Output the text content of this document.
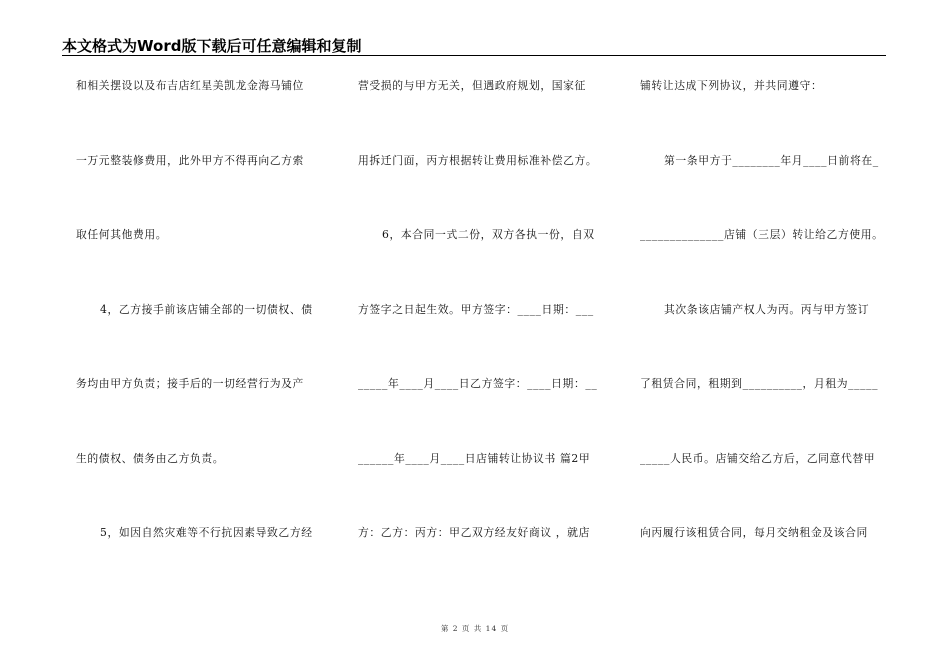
本文格式为Word版下载后可任意编辑和复制
和相关摆设以及布吉店红星美凯龙金海马铺位
一万元整装修费用，此外甲方不得再向乙方索
取任何其他费用。
4，乙方接手前该店铺全部的一切债权、债
务均由甲方负责；接手后的一切经营行为及产
生的债权、债务由乙方负责。
5，如因自然灾难等不行抗因素导致乙方经
营受损的与甲方无关，但遇政府规划，国家征
用拆迁门面，丙方根据转让费用标准补偿乙方。
6，本合同一式二份，双方各执一份，自双
方签字之日起生效。甲方签字：____日期：___
_____年____月____日乙方签字：____日期：__
______年____月____日店铺转让协议书 篇2甲
方：乙方：丙方：甲乙双方经友好商议 ，就店
铺转让达成下列协议，并共同遵守：
第一条甲方于________年月____日前将在_
______________店铺（三层）转让给乙方使用。
其次条该店铺产权人为丙。丙与甲方签订
了租赁合同，租期到__________，月租为_____
_____人民币。店铺交给乙方后，乙同意代替甲
向丙履行该租赁合同，每月交纳租金及该合同
第 2 页 共 14 页
